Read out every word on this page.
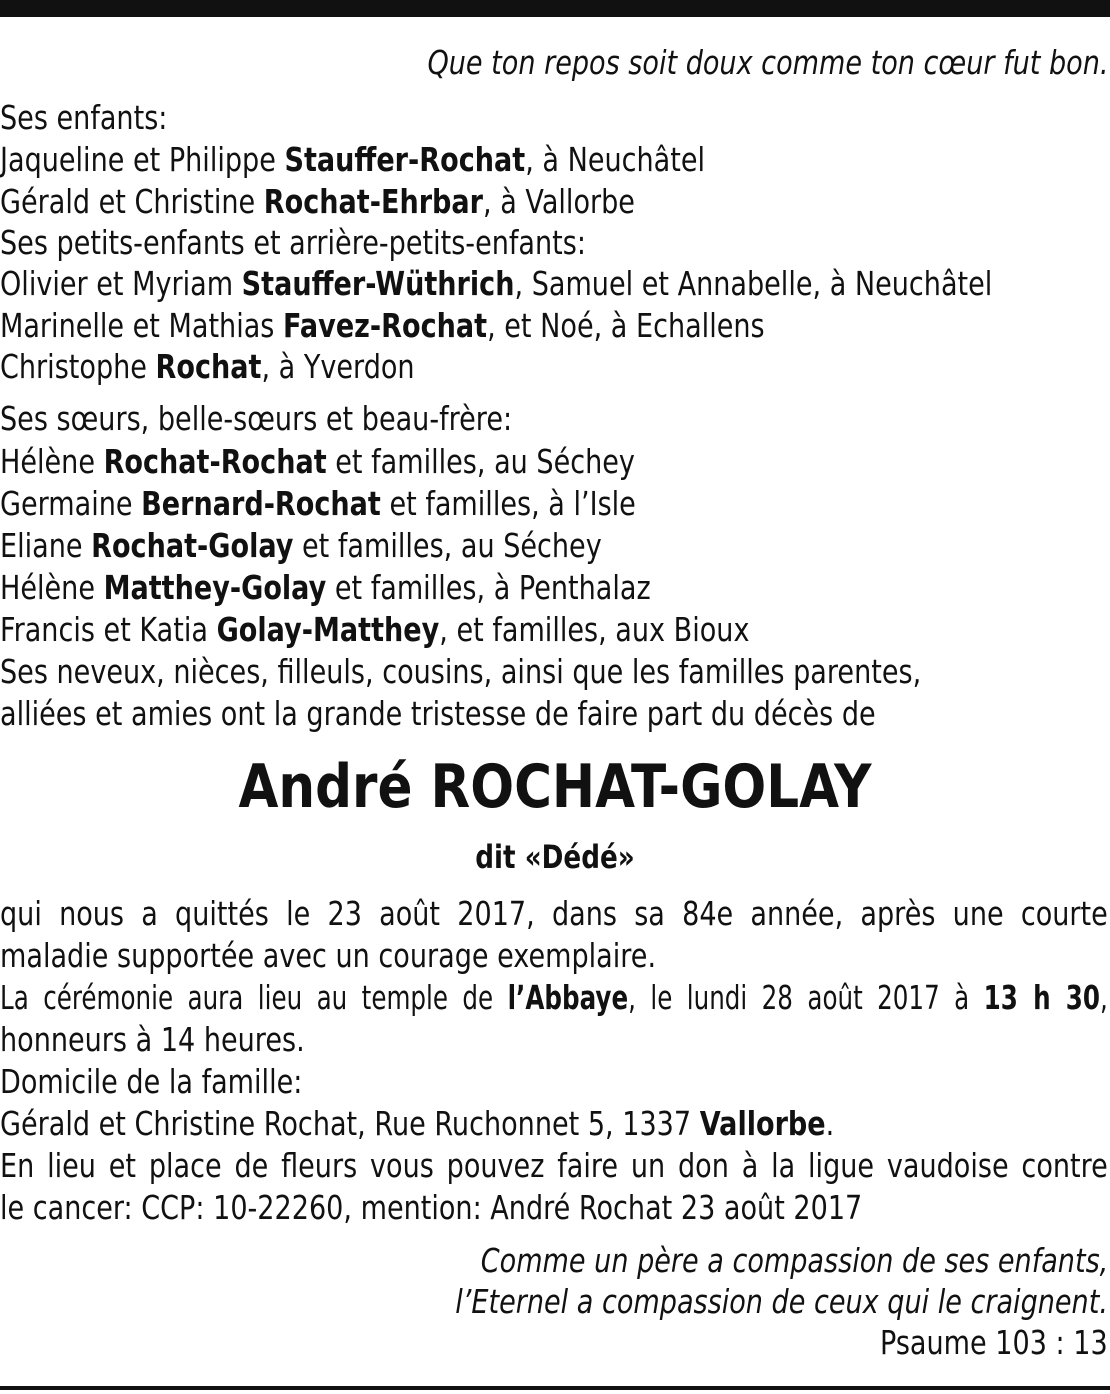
Que ton repos soit doux comme ton cœur fut bon.
Ses enfants:
Jaqueline et Philippe Stauffer-Rochat, à Neuchâtel
Gérald et Christine Rochat-Ehrbar, à Vallorbe
Ses petits-enfants et arrière-petits-enfants:
Olivier et Myriam Stauffer-Wüthrich, Samuel et Annabelle, à Neuchâtel
Marinelle et Mathias Favez-Rochat, et Noé, à Echallens
Christophe Rochat, à Yverdon
Ses sœurs, belle-sœurs et beau-frère:
Hélène Rochat-Rochat et familles, au Séchey
Germaine Bernard-Rochat et familles, à l’Isle
Eliane Rochat-Golay et familles, au Séchey
Hélène Matthey-Golay et familles, à Penthalaz
Francis et Katia Golay-Matthey, et familles, aux Bioux
Ses neveux, nièces, filleuls, cousins, ainsi que les familles parentes,
alliées et amies ont la grande tristesse de faire part du décès de
André ROCHAT-GOLAY
dit «Dédé»
qui nous a quittés le 23 août 2017, dans sa 84e année, après une courte
maladie supportée avec un courage exemplaire.
La cérémonie aura lieu au temple de l’Abbaye, le lundi 28 août 2017 à 13 h 30,
honneurs à 14 heures.
Domicile de la famille:
Gérald et Christine Rochat, Rue Ruchonnet 5, 1337 Vallorbe.
En lieu et place de fleurs vous pouvez faire un don à la ligue vaudoise contre
le cancer: CCP: 10-22260, mention: André Rochat 23 août 2017
Comme un père a compassion de ses enfants,
l’Eternel a compassion de ceux qui le craignent.
Psaume 103 : 13
